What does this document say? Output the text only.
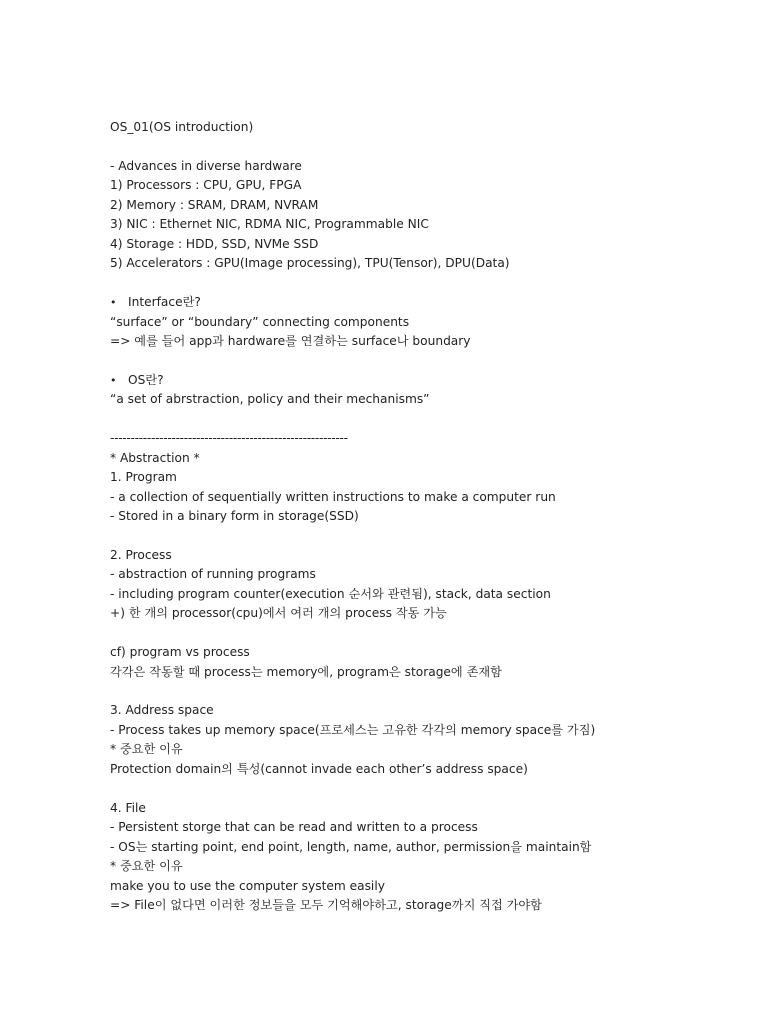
OS_01(OS introduction)
- Advances in diverse hardware
1) Processors : CPU, GPU, FPGA
2) Memory : SRAM, DRAM, NVRAM
3) NIC : Ethernet NIC, RDMA NIC, Programmable NIC
4) Storage : HDD, SSD, NVMe SSD
5) Accelerators : GPU(Image processing), TPU(Tensor), DPU(Data)
• Interface란?
“surface” or “boundary” connecting components
=> 예를 들어 app과 hardware를 연결하는 surface나 boundary
• OS란?
“a set of abrstraction, policy and their mechanisms”
----------------------------------------------------------
* Abstraction *
1. Program
- a collection of sequentially written instructions to make a computer run
- Stored in a binary form in storage(SSD)
2. Process
- abstraction of running programs
- including program counter(execution 순서와 관련됨), stack, data section
+) 한 개의 processor(cpu)에서 여러 개의 process 작동 가능
cf) program vs process
각각은 작동할 때 process는 memory에, program은 storage에 존재함
3. Address space
- Process takes up memory space(프로세스는 고유한 각각의 memory space를 가짐)
* 중요한 이유
Protection domain의 특성(cannot invade each other’s address space)
4. File
- Persistent storge that can be read and written to a process
- OS는 starting point, end point, length, name, author, permission을 maintain함
* 중요한 이유
make you to use the computer system easily
=> File이 없다면 이러한 정보들을 모두 기억해야하고, storage까지 직접 가야함
